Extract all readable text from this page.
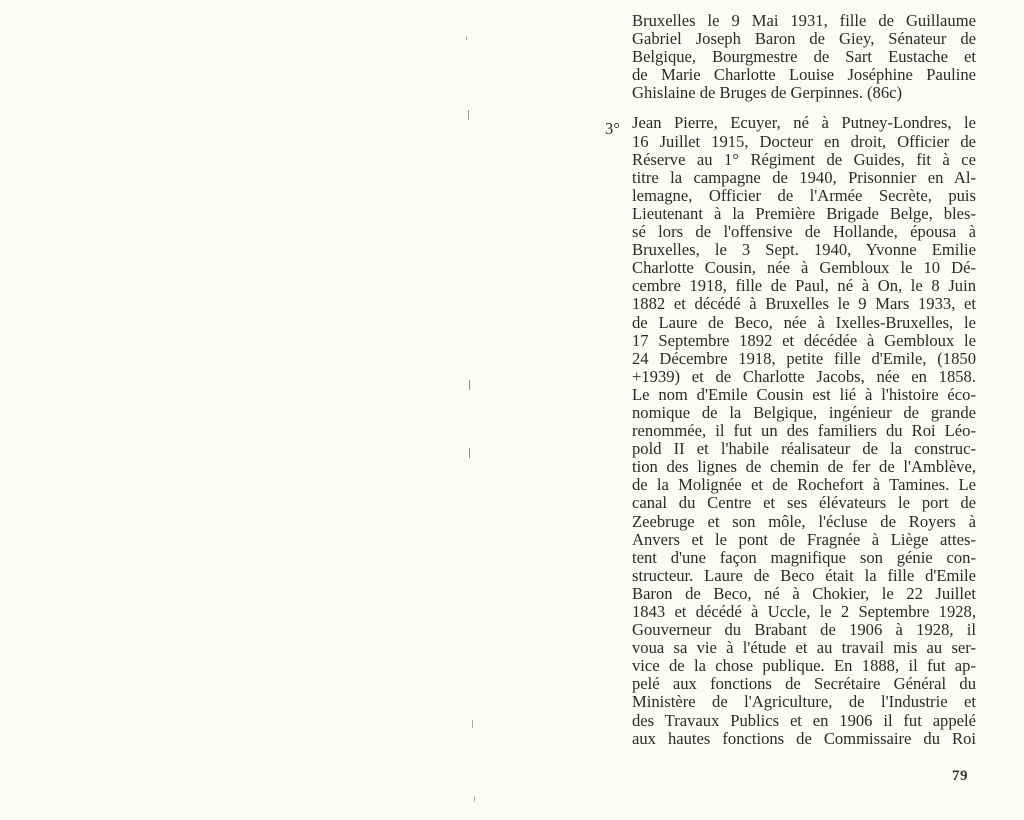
3°
Bruxelles le 9 Mai 1931, fille de Guillaume
Gabriel Joseph Baron de Giey, Sénateur de
Belgique, Bourgmestre de Sart Eustache et
de Marie Charlotte Louise Joséphine Pauline
Ghislaine de Bruges de Gerpinnes. (86c)
Jean Pierre, Ecuyer, né à Putney-Londres, le
16 Juillet 1915, Docteur en droit, Officier de
Réserve au 1° Régiment de Guides, fit à ce
titre la campagne de 1940, Prisonnier en Al-
lemagne, Officier de l'Armée Secrète, puis
Lieutenant à la Première Brigade Belge, bles-
sé lors de l'offensive de Hollande, épousa à
Bruxelles, le 3 Sept. 1940, Yvonne Emilie
Charlotte Cousin, née à Gembloux le 10 Dé-
cembre 1918, fille de Paul, né à On, le 8 Juin
1882 et décédé à Bruxelles le 9 Mars 1933, et
de Laure de Beco, née à Ixelles-Bruxelles, le
17 Septembre 1892 et décédée à Gembloux le
24 Décembre 1918, petite fille d'Emile, (1850
+1939) et de Charlotte Jacobs, née en 1858.
Le nom d'Emile Cousin est lié à l'histoire éco-
nomique de la Belgique, ingénieur de grande
renommée, il fut un des familiers du Roi Léo-
pold II et l'habile réalisateur de la construc-
tion des lignes de chemin de fer de l'Amblève,
de la Molignée et de Rochefort à Tamines. Le
canal du Centre et ses élévateurs le port de
Zeebruge et son môle, l'écluse de Royers à
Anvers et le pont de Fragnée à Liège attes-
tent d'une façon magnifique son génie con-
structeur. Laure de Beco était la fille d'Emile
Baron de Beco, né à Chokier, le 22 Juillet
1843 et décédé à Uccle, le 2 Septembre 1928,
Gouverneur du Brabant de 1906 à 1928, il
voua sa vie à l'étude et au travail mis au ser-
vice de la chose publique. En 1888, il fut ap-
pelé aux fonctions de Secrétaire Général du
Ministère de l'Agriculture, de l'Industrie et
des Travaux Publics et en 1906 il fut appelé
aux hautes fonctions de Commissaire du Roi
79
